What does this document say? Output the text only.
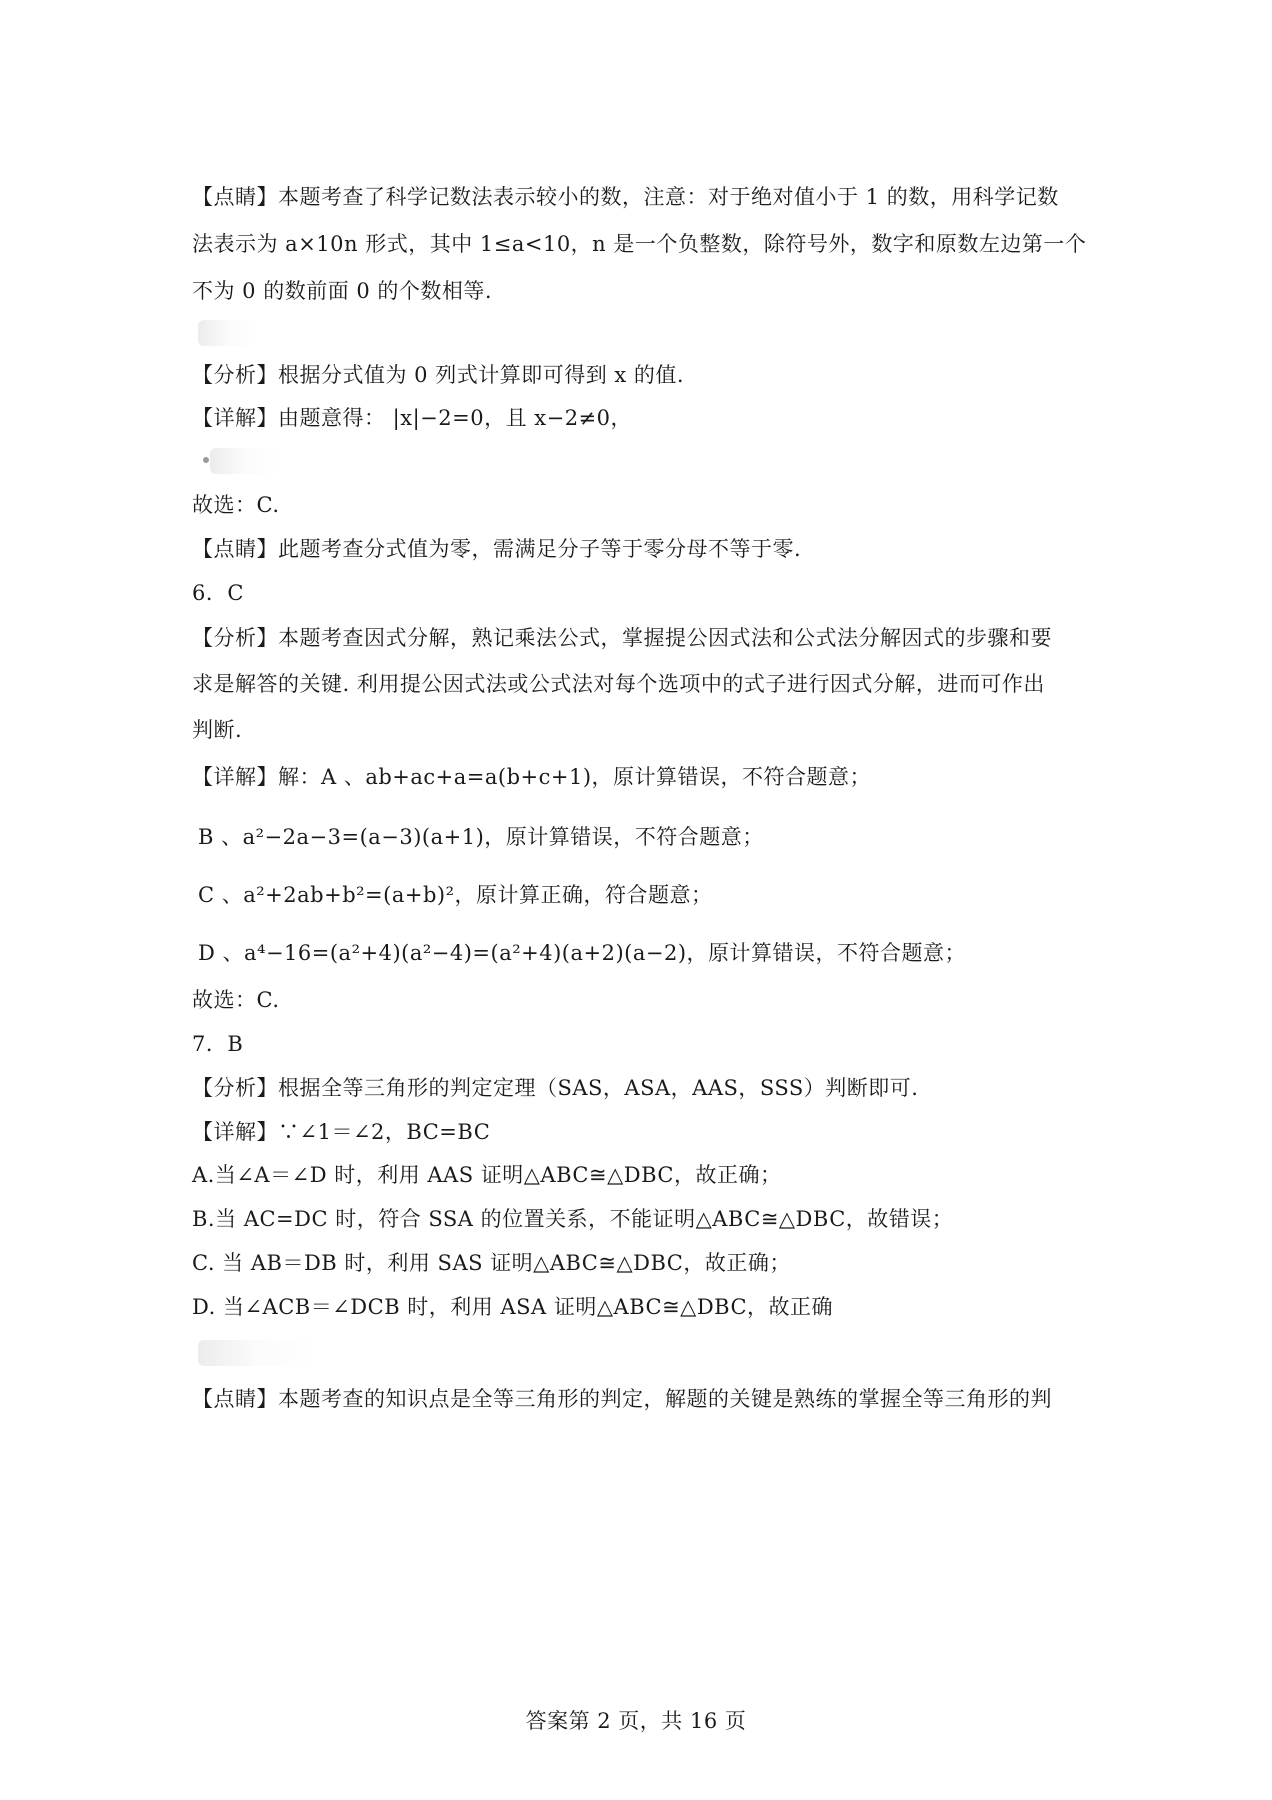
【点睛】本题考查了科学记数法表示较小的数，注意：对于绝对值小于 1 的数，用科学记数
法表示为 a×10n 形式，其中 1≤a<10，n 是一个负整数，除符号外，数字和原数左边第一个
不为 0 的数前面 0 的个数相等.
【分析】根据分式值为 0 列式计算即可得到 x 的值.
【详解】由题意得： |x|−2=0，且 x−2≠0，
故选：C.
【点睛】此题考查分式值为零，需满足分子等于零分母不等于零.
6．C
【分析】本题考查因式分解，熟记乘法公式，掌握提公因式法和公式法分解因式的步骤和要
求是解答的关键. 利用提公因式法或公式法对每个选项中的式子进行因式分解，进而可作出
判断.
【详解】解：A 、ab+ac+a=a(b+c+1)，原计算错误，不符合题意；
B 、a²−2a−3=(a−3)(a+1)，原计算错误，不符合题意；
C 、a²+2ab+b²=(a+b)²，原计算正确，符合题意；
D 、a⁴−16=(a²+4)(a²−4)=(a²+4)(a+2)(a−2)，原计算错误，不符合题意；
故选：C.
7．B
【分析】根据全等三角形的判定定理（SAS，ASA，AAS，SSS）判断即可.
【详解】∵∠1＝∠2，BC=BC
A.当∠A＝∠D 时，利用 AAS 证明△ABC≅△DBC，故正确；
B.当 AC=DC 时，符合 SSA 的位置关系，不能证明△ABC≅△DBC，故错误；
C. 当 AB＝DB 时，利用 SAS 证明△ABC≅△DBC，故正确；
D. 当∠ACB＝∠DCB 时，利用 ASA 证明△ABC≅△DBC，故正确
【点睛】本题考查的知识点是全等三角形的判定，解题的关键是熟练的掌握全等三角形的判
答案第 2 页，共 16 页
